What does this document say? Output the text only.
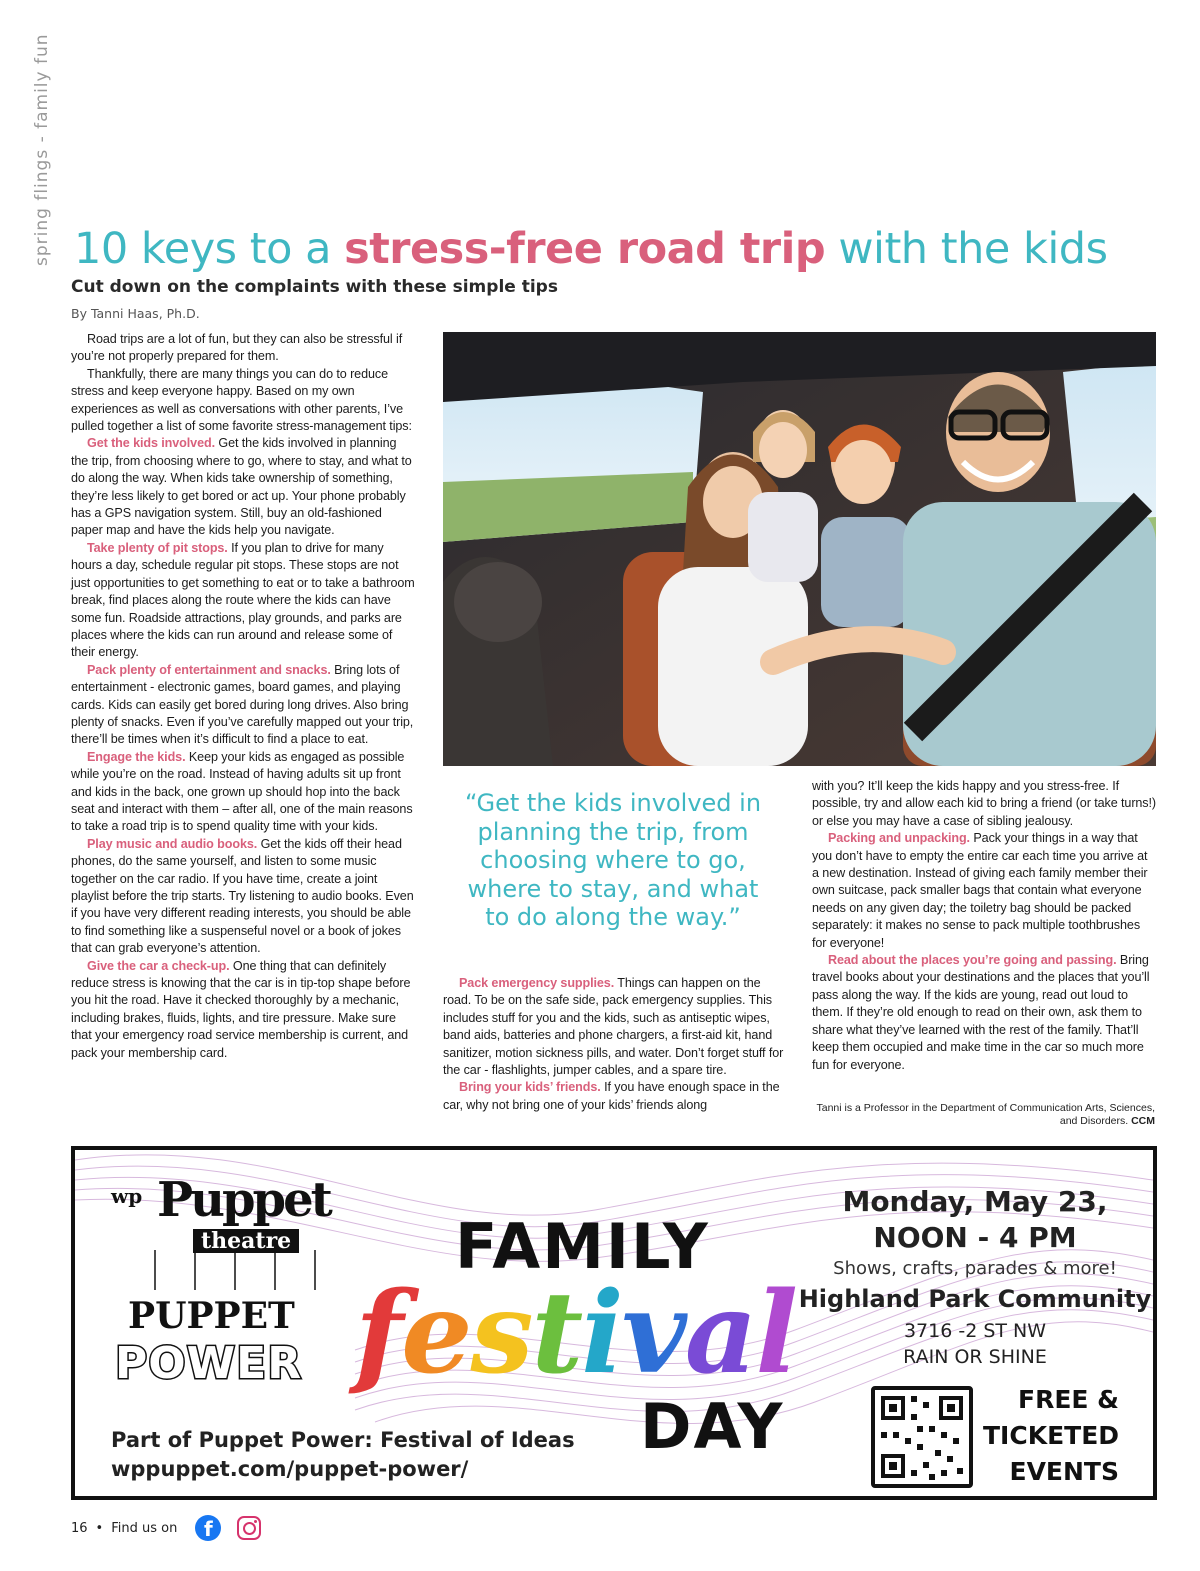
spring flings - family fun 10 keys to a stress-free road trip with the kids
Cut down on the complaints with these simple tips
By Tanni Haas, Ph.D.

Road trips are a lot of fun, but they can also be stressful if you’re not properly prepared for them.

Thankfully, there are many things you can do to reduce stress and keep everyone happy. Based on my own experiences as well as conversations with other parents, I’ve pulled together a list of some favorite stress-management tips:

Get the kids involved. Get the kids involved in planning the trip, from choosing where to go, where to stay, and what to do along the way. When kids take ownership of something, they’re less likely to get bored or act up. Your phone probably has a GPS navigation system. Still, buy an old-fashioned paper map and have the kids help you navigate.

Take plenty of pit stops. If you plan to drive for many hours a day, schedule regular pit stops. These stops are not just opportunities to get something to eat or to take a bathroom break, find places along the route where the kids can have some fun. Roadside attractions, play grounds, and parks are places where the kids can run around and release some of their energy.

Pack plenty of entertainment and snacks. Bring lots of entertainment - electronic games, board games, and playing cards. Kids can easily get bored during long drives. Also bring plenty of snacks. Even if you’ve carefully mapped out your trip, there’ll be times when it’s difficult to find a place to eat.

Engage the kids. Keep your kids as engaged as possible while you’re on the road. Instead of having adults sit up front and kids in the back, one grown up should hop into the back seat and interact with them – after all, one of the main reasons to take a road trip is to spend quality time with your kids.

Play music and audio books. Get the kids off their head phones, do the same yourself, and listen to some music together on the car radio. If you have time, create a joint playlist before the trip starts. Try listening to audio books. Even if you have very different reading interests, you should be able to find something like a suspenseful novel or a book of jokes that can grab everyone’s attention.

Give the car a check-up. One thing that can definitely reduce stress is knowing that the car is in tip-top shape before you hit the road. Have it checked thoroughly by a mechanic, including brakes, fluids, lights, and tire pressure. Make sure that your emergency road service membership is current, and pack your membership card.

“Get the kids involved in planning the trip, from choosing where to go, where to stay, and what to do along the way.”

Pack emergency supplies. Things can happen on the road. To be on the safe side, pack emergency supplies. This includes stuff for you and the kids, such as antiseptic wipes, band aids, batteries and phone chargers, a first-aid kit, hand sanitizer, motion sickness pills, and water. Don’t forget stuff for the car - flashlights, jumper cables, and a spare tire.

Bring your kids’ friends. If you have enough space in the car, why not bring one of your kids’ friends along

with you? It’ll keep the kids happy and you stress-free. If possible, try and allow each kid to bring a friend (or take turns!) or else you may have a case of sibling jealousy.

Packing and unpacking. Pack your things in a way that you don’t have to empty the entire car each time you arrive at a new destination. Instead of giving each family member their own suitcase, pack smaller bags that contain what everyone needs on any given day; the toiletry bag should be packed separately: it makes no sense to pack multiple toothbrushes for everyone!

Read about the places you’re going and passing. Bring travel books about your destinations and the places that you’ll pass along the way. If the kids are young, read out loud to them. If they’re old enough to read on their own, ask them to share what they’ve learned with the rest of the family. That’ll keep them occupied and make time in the car so much more fun for everyone.

Tanni is a Professor in the Department of Communication Arts, Sciences, and Disorders. CCM
wp Puppet
theatre
PUPPET
POWER
FAMILY
festival
DAY
Part of Puppet Power: Festival of Ideas
wppuppet.com/puppet-power/
Monday, May 23,
NOON - 4 PM
Shows, crafts, parades & more!
Highland Park Community
3716 -2 ST NW
RAIN OR SHINE
FREE &
TICKETED
EVENTS
16 • Find us on	f
